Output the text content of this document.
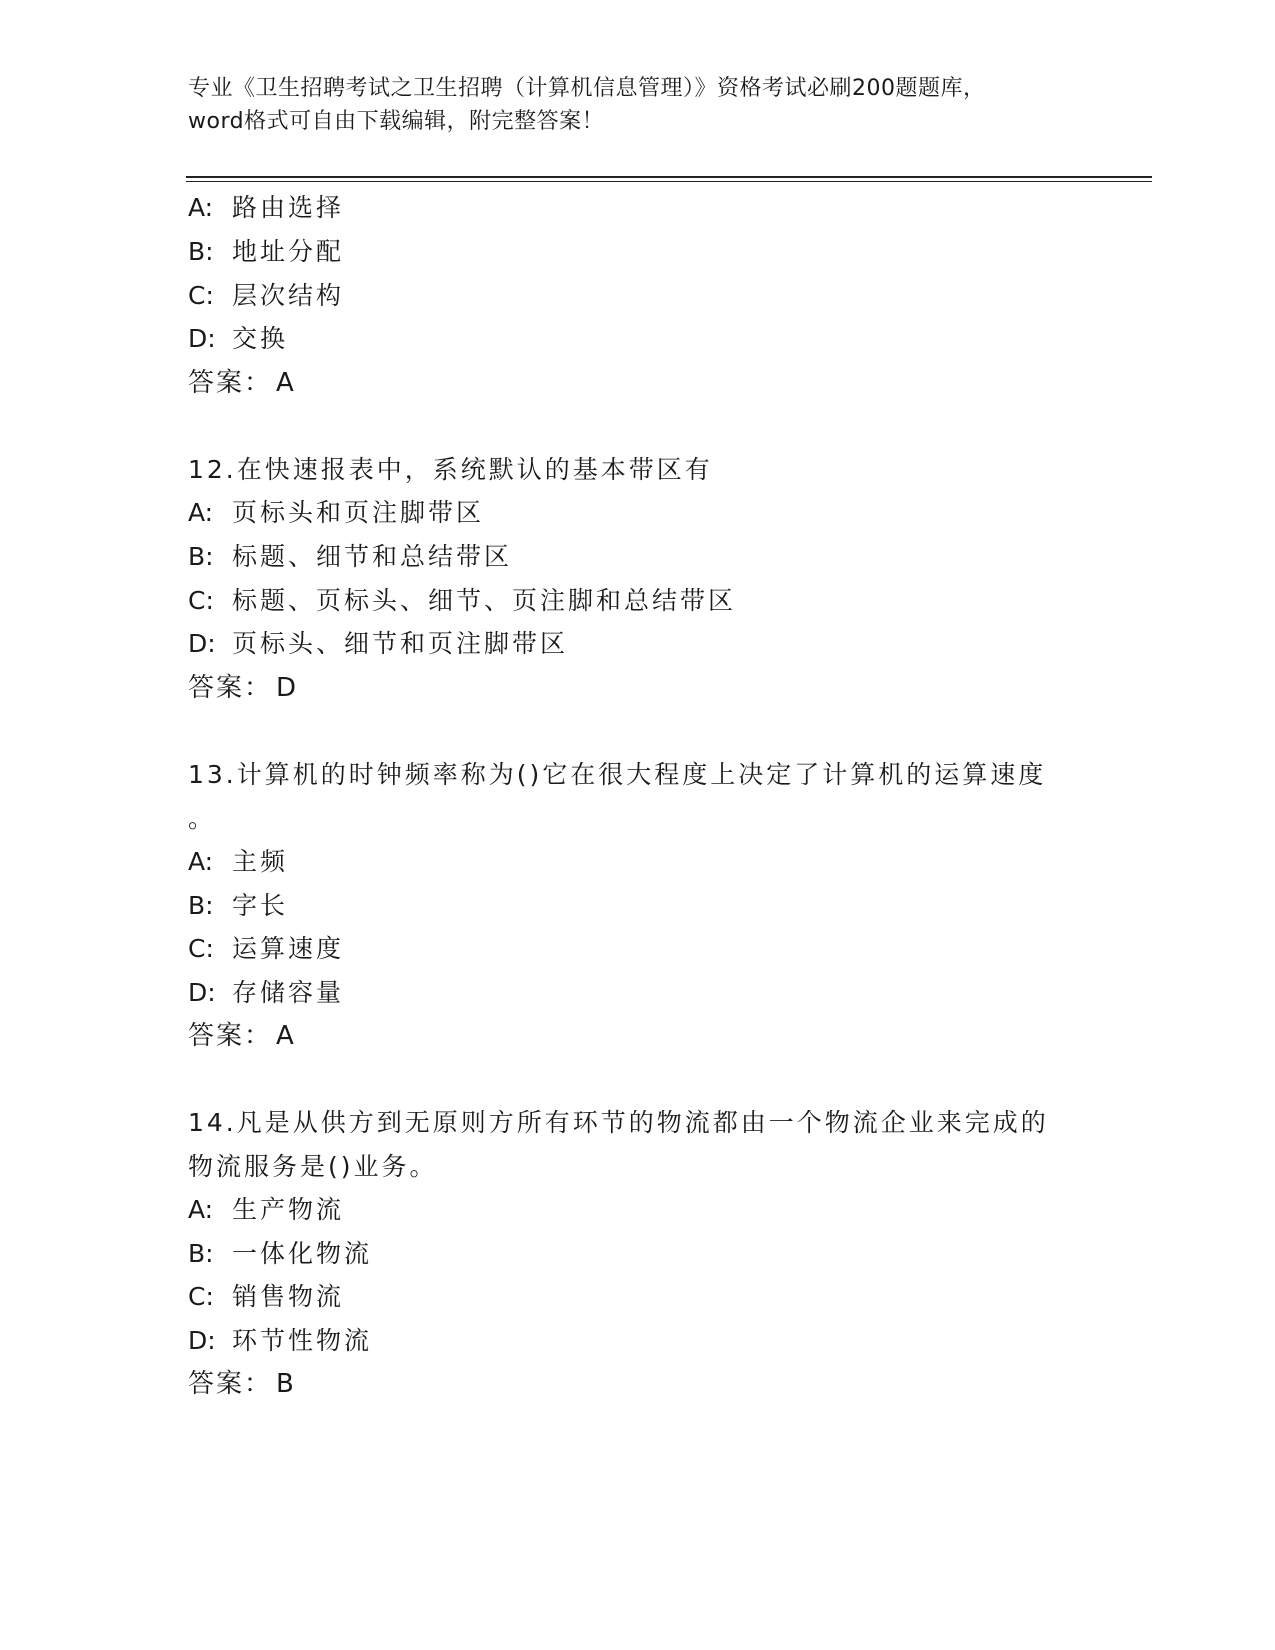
专业《卫生招聘考试之卫生招聘（计算机信息管理）》资格考试必刷200题题库，
word格式可自由下载编辑，附完整答案！
A: 路由选择
B: 地址分配
C: 层次结构
D: 交换
答案： A
12.在快速报表中，系统默认的基本带区有
A: 页标头和页注脚带区
B: 标题、细节和总结带区
C: 标题、页标头、细节、页注脚和总结带区
D: 页标头、细节和页注脚带区
答案： D
13.计算机的时钟频率称为()它在很大程度上决定了计算机的运算速度
。
A: 主频
B: 字长
C: 运算速度
D: 存储容量
答案： A
14.凡是从供方到无原则方所有环节的物流都由一个物流企业来完成的
物流服务是()业务。
A: 生产物流
B: 一体化物流
C: 销售物流
D: 环节性物流
答案： B
